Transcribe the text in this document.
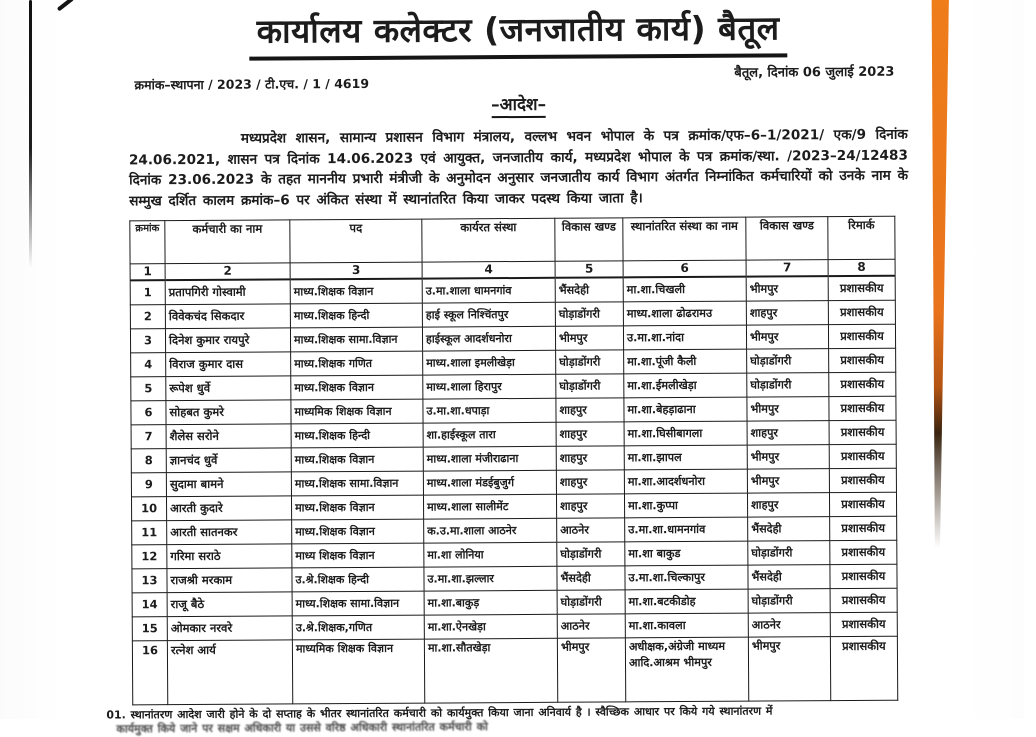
कार्यालय कलेक्टर (जनजातीय कार्य) बैतूल
क्रमांक–स्थापना / 2023 / टी.एच. / 1 / 4619
बैतूल, दिनांक 06 जुलाई 2023
–आदेश–
मध्यप्रदेश शासन, सामान्य प्रशासन विभाग मंत्रालय, वल्लभ भवन भोपाल के पत्र क्रमांक/एफ–6–1/2021/ एक/9 दिनांक 24.06.2021, शासन पत्र दिनांक 14.06.2023 एवं आयुक्त, जनजातीय कार्य, मध्यप्रदेश भोपाल के पत्र क्रमांक/स्था. /2023–24/12483 दिनांक 23.06.2023 के तहत माननीय प्रभारी मंत्रीजी के अनुमोदन अनुसार जनजातीय कार्य विभाग अंतर्गत निम्नांकित कर्मचारियों को उनके नाम के सम्मुख दर्शित कालम क्रमांक–6 पर अंकित संस्था में स्थानांतरित किया जाकर पदस्थ किया जाता है।
क्रमांक	कर्मचारी का नाम	पद	कार्यरत संस्था	विकास खण्ड	स्थानांतरित संस्था का नाम	विकास खण्ड	रिमार्क
1	2	3	4	5	6	7	8
1	प्रतापगिरी गोस्वामी	माध्य.शिक्षक विज्ञान	उ.मा.शाला धामनगांव	भैंसदेही	मा.शा.चिखली	भीमपुर	प्रशासकीय
2	विवेकचंद सिकदार	माध्य.शिक्षक हिन्दी	हाई स्कूल निश्चिंतपुर	घोड़ाडोंगरी	माध्य.शाला ढोढरामउ	शाहपुर	प्रशासकीय
3	दिनेश कुमार रायपुरे	माध्य.शिक्षक सामा.विज्ञान	हाईस्कूल आदर्शधनोरा	भीमपुर	उ.मा.शा.नांदा	भीमपुर	प्रशासकीय
4	विराज कुमार दास	माध्य.शिक्षक गणित	माध्य.शाला इमलीखेड़ा	घोड़ाडोंगरी	मा.शा.पूंजी कैली	घोड़ाडोंगरी	प्रशासकीय
5	रूपेश धुर्वे	माध्य.शिक्षक विज्ञान	माध्य.शाला हिरापुर	घोड़ाडोंगरी	मा.शा.ईमलीखेड़ा	घोड़ाडोंगरी	प्रशासकीय
6	सोहबत कुमरे	माध्यमिक शिक्षक विज्ञान	उ.मा.शा.धपाड़ा	शाहपुर	मा.शा.बेहड़ाढाना	भीमपुर	प्रशासकीय
7	शैलेस सरोने	माध्य.शिक्षक हिन्दी	शा.हाईस्कूल तारा	शाहपुर	मा.शा.घिसीबागला	शाहपुर	प्रशासकीय
8	ज्ञानचंद धुर्वे	माध्य.शिक्षक विज्ञान	माध्य.शाला मंजीराढाना	शाहपुर	मा.शा.झापल	भीमपुर	प्रशासकीय
9	सुदामा बामने	माध्य.शिक्षक सामा.विज्ञान	माध्य.शाला मंडईबुजुर्ग	शाहपुर	मा.शा.आदर्शधनोरा	भीमपुर	प्रशासकीय
10	आरती कुदारे	माध्य.शिक्षक विज्ञान	माध्य.शाला सालीमेंट	शाहपुर	मा.शा.कुप्पा	शाहपुर	प्रशासकीय
11	आरती सातनकर	माध्य.शिक्षक विज्ञान	क.उ.मा.शाला आठनेर	आठनेर	उ.मा.शा.धामनगांव	भैंसदेही	प्रशासकीय
12	गरिमा सराठे	माध्य शिक्षक विज्ञान	मा.शा लोनिया	घोड़ाडोंगरी	मा.शा बाकुड	घोड़ाडोंगरी	प्रशासकीय
13	राजश्री मरकाम	उ.श्रे.शिक्षक हिन्दी	उ.मा.शा.झल्लार	भैंसदेही	उ.मा.शा.चिल्कापुर	भैंसदेही	प्रशासकीय
14	राजू बैठे	माध्य.शिक्षक सामा.विज्ञान	मा.शा.बाकुड़	घोड़ाडोंगरी	मा.शा.बटकीडोह	घोड़ाडोंगरी	प्रशासकीय
15	ओमकार नरवरे	उ.श्रे.शिक्षक,गणित	मा.शा.ऐनखेड़ा	आठनेर	मा.शा.कावला	आठनेर	प्रशासकीय
16	रत्नेश आर्य	माध्यमिक शिक्षक विज्ञान	मा.शा.सौतखेड़ा	भीमपुर	अधीक्षक,अंग्रेजी माध्यम आदि.आश्रम भीमपुर	भीमपुर	प्रशासकीय
01. स्थानांतरण आदेश जारी होने के दो सप्ताह के भीतर स्थानांतरित कर्मचारी को कार्यमुक्त किया जाना अनिवार्य है । स्वैच्छिक आधार पर किये गये स्थानांतरण में
कार्यमुक्त किये जाने पर सक्षम अधिकारी या उससे वरिष्ठ अधिकारी स्थानांतरित कर्मचारी को
